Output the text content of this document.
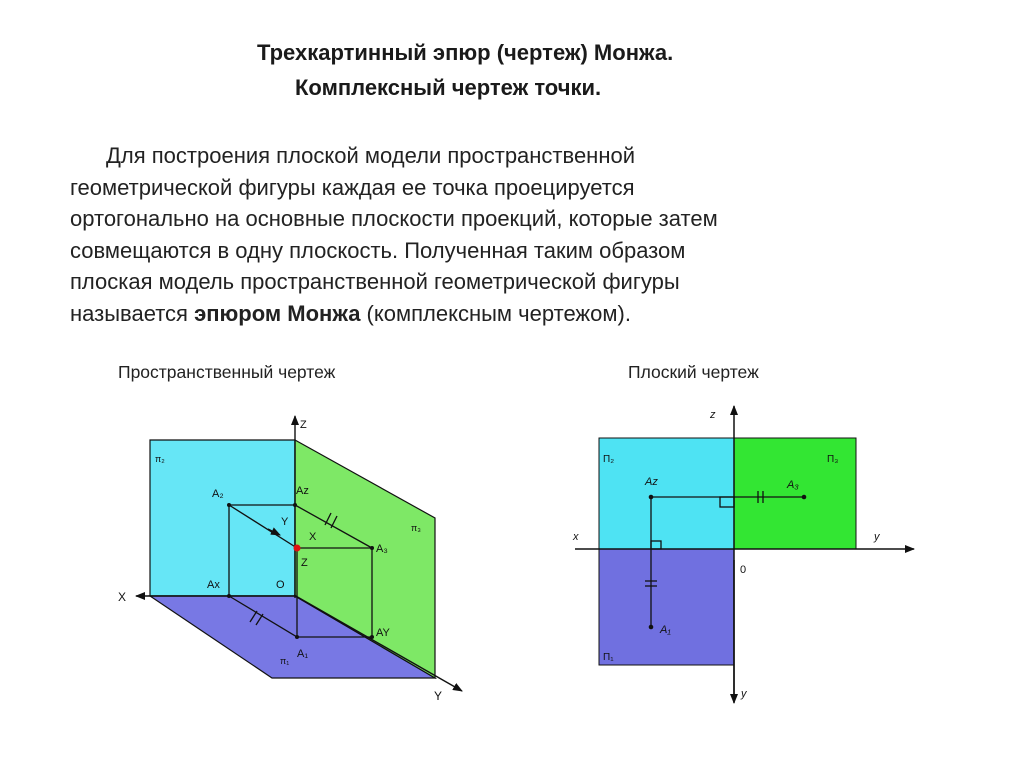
Трехкартинный эпюр (чертеж) Монжа.
Комплексный чертеж точки.
Для построения плоской модели пространственной
геометрической фигуры каждая ее точка проецируется
ортогонально на основные плоскости проекций, которые затем
совмещаются в одну плоскость. Полученная таким образом
плоская модель пространственной геометрической фигуры
называется эпюром Монжа (комплексным чертежом).
Пространственный чертеж	Плоский чертеж
Z
X
Y
π₂
π₃
π₁
A₂	Az
A₃
Ax	O
AY
A₁
Y
X
Z
z
x	y
y
0
П₂	П₃
П₁
Az	A₃
A₁
